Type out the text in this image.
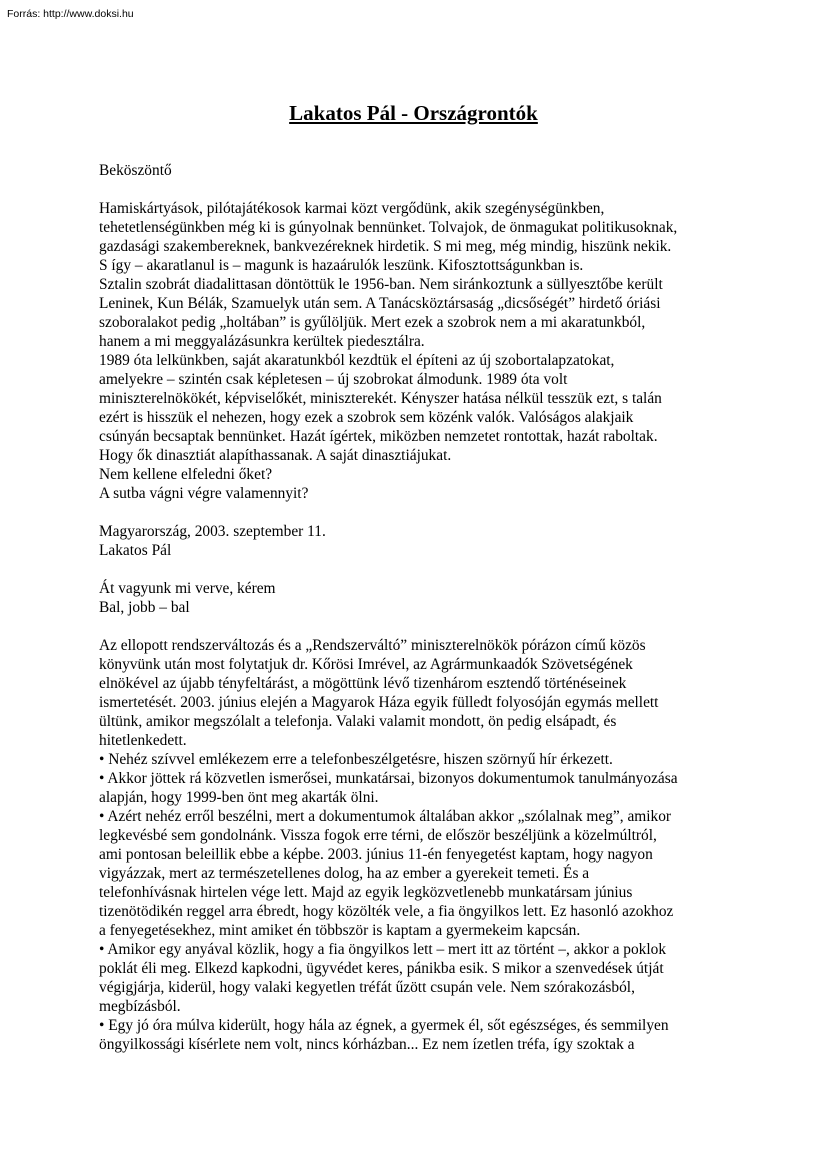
Forrás: http://www.doksi.hu
Lakatos Pál - Országrontók
Beköszöntő
Hamiskártyások, pilótajátékosok karmai közt vergődünk, akik szegénységünkben,
tehetetlenségünkben még ki is gúnyolnak bennünket. Tolvajok, de önmagukat politikusoknak,
gazdasági szakembereknek, bankvezéreknek hirdetik. S mi meg, még mindig, hiszünk nekik.
S így – akaratlanul is – magunk is hazaárulók leszünk. Kifosztottságunkban is.
Sztalin szobrát diadalittasan döntöttük le 1956-ban. Nem siránkoztunk a süllyesztőbe került
Leninek, Kun Bélák, Szamuelyk után sem. A Tanácsköztársaság „dicsőségét” hirdető óriási
szoboralakot pedig „holtában” is gyűlöljük. Mert ezek a szobrok nem a mi akaratunkból,
hanem a mi meggyalázásunkra kerültek piedesztálra.
1989 óta lelkünkben, saját akaratunkból kezdtük el építeni az új szobortalapzatokat,
amelyekre – szintén csak képletesen – új szobrokat álmodunk. 1989 óta volt
miniszterelnökökét, képviselőkét, miniszterekét. Kényszer hatása nélkül tesszük ezt, s talán
ezért is hisszük el nehezen, hogy ezek a szobrok sem közénk valók. Valóságos alakjaik
csúnyán becsaptak bennünket. Hazát ígértek, miközben nemzetet rontottak, hazát raboltak.
Hogy ők dinasztiát alapíthassanak. A saját dinasztiájukat.
Nem kellene elfeledni őket?
A sutba vágni végre valamennyit?
Magyarország, 2003. szeptember 11.
Lakatos Pál
Át vagyunk mi verve, kérem
Bal, jobb – bal
Az ellopott rendszerváltozás és a „Rendszerváltó” miniszterelnökök pórázon című közös
könyvünk után most folytatjuk dr. Kőrösi Imrével, az Agrármunkaadók Szövetségének
elnökével az újabb tényfeltárást, a mögöttünk lévő tizenhárom esztendő történéseinek
ismertetését. 2003. június elején a Magyarok Háza egyik fülledt folyosóján egymás mellett
ültünk, amikor megszólalt a telefonja. Valaki valamit mondott, ön pedig elsápadt, és
hitetlenkedett.
• Nehéz szívvel emlékezem erre a telefonbeszélgetésre, hiszen szörnyű hír érkezett.
• Akkor jöttek rá közvetlen ismerősei, munkatársai, bizonyos dokumentumok tanulmányozása
alapján, hogy 1999-ben önt meg akarták ölni.
• Azért nehéz erről beszélni, mert a dokumentumok általában akkor „szólalnak meg”, amikor
legkevésbé sem gondolnánk. Vissza fogok erre térni, de először beszéljünk a közelmúltról,
ami pontosan beleillik ebbe a képbe. 2003. június 11-én fenyegetést kaptam, hogy nagyon
vigyázzak, mert az természetellenes dolog, ha az ember a gyerekeit temeti. És a
telefonhívásnak hirtelen vége lett. Majd az egyik legközvetlenebb munkatársam június
tizenötödikén reggel arra ébredt, hogy közölték vele, a fia öngyilkos lett. Ez hasonló azokhoz
a fenyegetésekhez, mint amiket én többször is kaptam a gyermekeim kapcsán.
• Amikor egy anyával közlik, hogy a fia öngyilkos lett – mert itt az történt –, akkor a poklok
poklát éli meg. Elkezd kapkodni, ügyvédet keres, pánikba esik. S mikor a szenvedések útját
végigjárja, kiderül, hogy valaki kegyetlen tréfát űzött csupán vele. Nem szórakozásból,
megbízásból.
• Egy jó óra múlva kiderült, hogy hála az égnek, a gyermek él, sőt egészséges, és semmilyen
öngyilkossági kísérlete nem volt, nincs kórházban... Ez nem ízetlen tréfa, így szoktak a
